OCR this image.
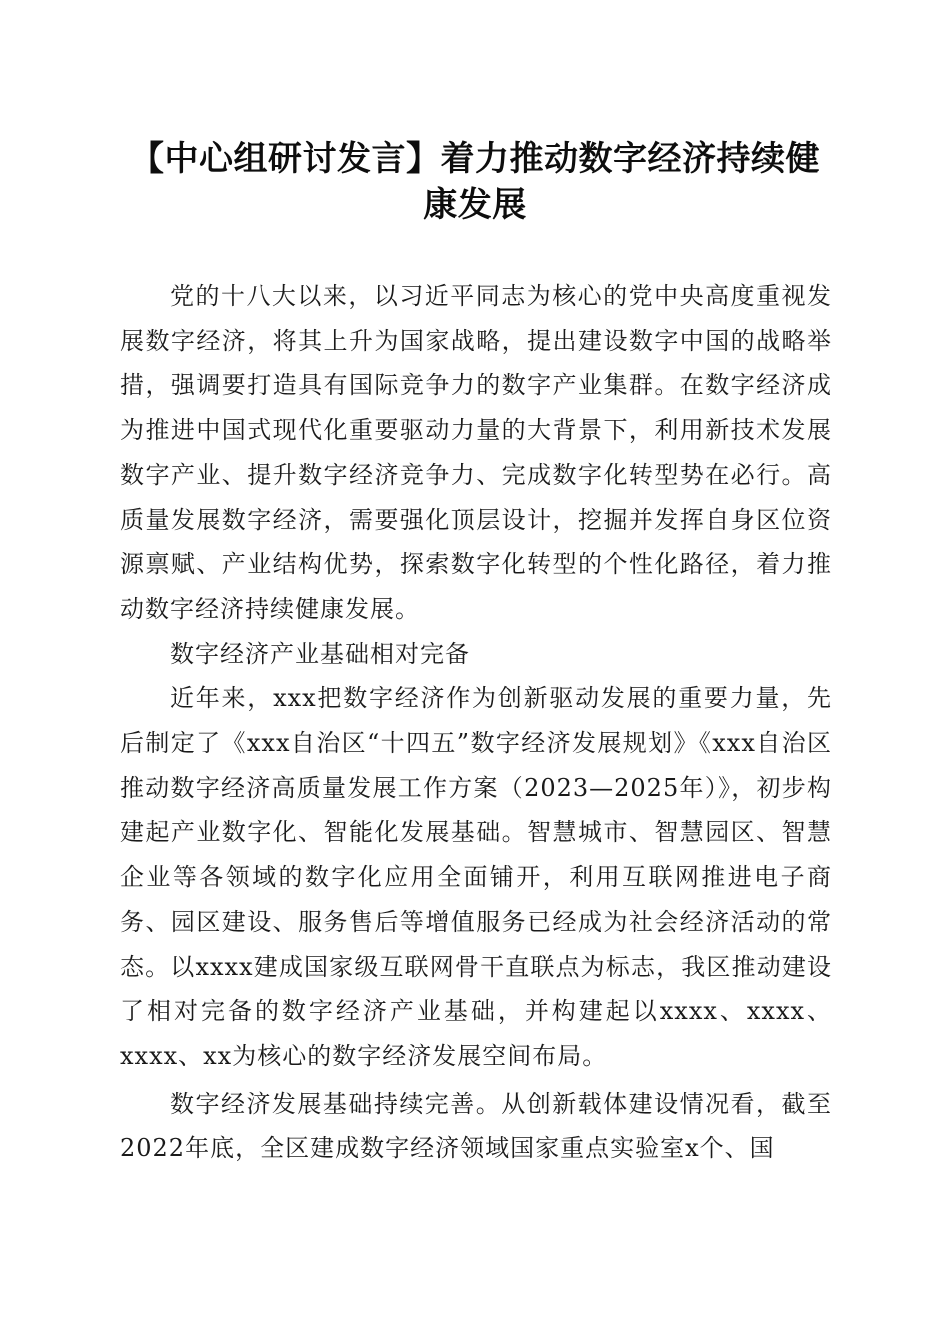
【中心组研讨发言】着力推动数字经济持续健康发展

党的十八大以来，以习近平同志为核心的党中央高度重视发展数字经济，将其上升为国家战略，提出建设数字中国的战略举措，强调要打造具有国际竞争力的数字产业集群。在数字经济成为推进中国式现代化重要驱动力量的大背景下，利用新技术发展数字产业、提升数字经济竞争力、完成数字化转型势在必行。高质量发展数字经济，需要强化顶层设计，挖掘并发挥自身区位资源禀赋、产业结构优势，探索数字化转型的个性化路径，着力推动数字经济持续健康发展。

数字经济产业基础相对完备

近年来，xxx把数字经济作为创新驱动发展的重要力量，先后制定了《xxx自治区“十四五”数字经济发展规划》《xxx自治区推动数字经济高质量发展工作方案（2023—2025年）》，初步构建起产业数字化、智能化发展基础。智慧城市、智慧园区、智慧企业等各领域的数字化应用全面铺开，利用互联网推进电子商务、园区建设、服务售后等增值服务已经成为社会经济活动的常态。以xxxx建成国家级互联网骨干直联点为标志，我区推动建设了相对完备的数字经济产业基础，并构建起以xxxx、xxxx、xxxx、xx为核心的数字经济发展空间布局。

数字经济发展基础持续完善。从创新载体建设情况看，截至2022年底，全区建成数字经济领域国家重点实验室x个、国
